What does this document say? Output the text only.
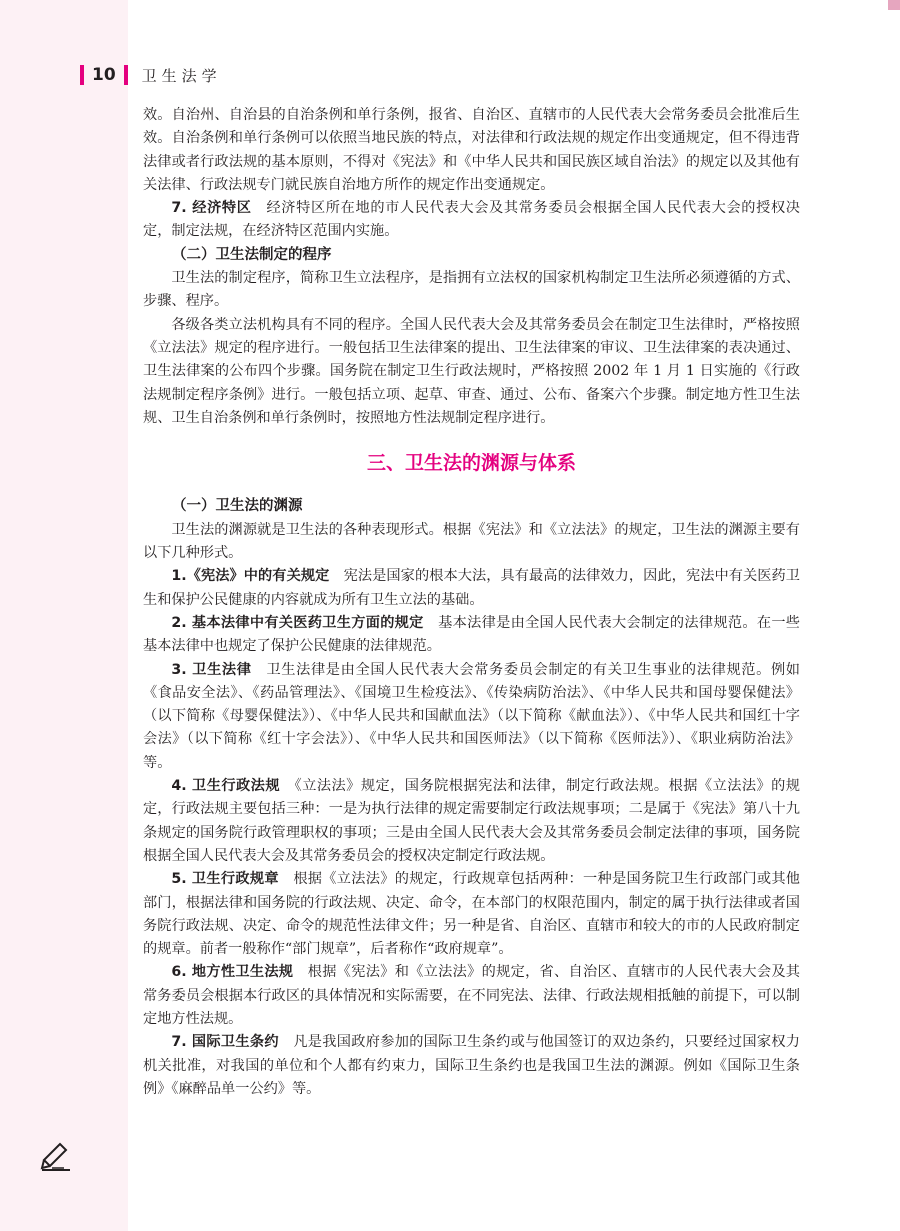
10 卫生法学

效。自治州、自治县的自治条例和单行条例，报省、自治区、直辖市的人民代表大会常务委员会批准后生效。自治条例和单行条例可以依照当地民族的特点，对法律和行政法规的规定作出变通规定，但不得违背法律或者行政法规的基本原则，不得对《宪法》和《中华人民共和国民族区域自治法》的规定以及其他有关法律、行政法规专门就民族自治地方所作的规定作出变通规定。

7. 经济特区　 经济特区所在地的市人民代表大会及其常务委员会根据全国人民代表大会的授权决定，制定法规，在经济特区范围内实施。

（二）卫生法制定的程序

卫生法的制定程序，简称卫生立法程序，是指拥有立法权的国家机构制定卫生法所必须遵循的方式、步骤、程序。

各级各类立法机构具有不同的程序。全国人民代表大会及其常务委员会在制定卫生法律时，严格按照《立法法》规定的程序进行。一般包括卫生法律案的提出、卫生法律案的审议、卫生法律案的表决通过、卫生法律案的公布四个步骤。国务院在制定卫生行政法规时，严格按照 2002 年 1 月 1 日实施的《行政法规制定程序条例》进行。一般包括立项、起草、审查、通过、公布、备案六个步骤。制定地方性卫生法规、卫生自治条例和单行条例时，按照地方性法规制定程序进行。

三、卫生法的渊源与体系

（一）卫生法的渊源

卫生法的渊源就是卫生法的各种表现形式。根据《宪法》和《立法法》的规定，卫生法的渊源主要有以下几种形式。

1.《宪法》中的有关规定　 宪法是国家的根本大法，具有最高的法律效力，因此，宪法中有关医药卫生和保护公民健康的内容就成为所有卫生立法的基础。

2. 基本法律中有关医药卫生方面的规定　 基本法律是由全国人民代表大会制定的法律规范。在一些基本法律中也规定了保护公民健康的法律规范。

3. 卫生法律　 卫生法律是由全国人民代表大会常务委员会制定的有关卫生事业的法律规范。例如《食品安全法》、《药品管理法》、《国境卫生检疫法》、《传染病防治法》、《中华人民共和国母婴保健法》（以下简称《母婴保健法》）、《中华人民共和国献血法》（以下简称《献血法》）、《中华人民共和国红十字会法》（以下简称《红十字会法》）、《中华人民共和国医师法》（以下简称《医师法》）、《职业病防治法》等。

4. 卫生行政法规　 《立法法》规定，国务院根据宪法和法律，制定行政法规。根据《立法法》的规定，行政法规主要包括三种：一是为执行法律的规定需要制定行政法规事项；二是属于《宪法》第八十九条规定的国务院行政管理职权的事项；三是由全国人民代表大会及其常务委员会制定法律的事项，国务院根据全国人民代表大会及其常务委员会的授权决定制定行政法规。

5. 卫生行政规章　 根据《立法法》的规定，行政规章包括两种：一种是国务院卫生行政部门或其他部门，根据法律和国务院的行政法规、决定、命令，在本部门的权限范围内，制定的属于执行法律或者国务院行政法规、决定、命令的规范性法律文件；另一种是省、自治区、直辖市和较大的市的人民政府制定的规章。前者一般称作“部门规章”，后者称作“政府规章”。

6. 地方性卫生法规　 根据《宪法》和《立法法》的规定，省、自治区、直辖市的人民代表大会及其常务委员会根据本行政区的具体情况和实际需要，在不同宪法、法律、行政法规相抵触的前提下，可以制定地方性法规。

7. 国际卫生条约　 凡是我国政府参加的国际卫生条约或与他国签订的双边条约，只要经过国家权力机关批准，对我国的单位和个人都有约束力，国际卫生条约也是我国卫生法的渊源。例如《国际卫生条例》《麻醉品单一公约》等。
